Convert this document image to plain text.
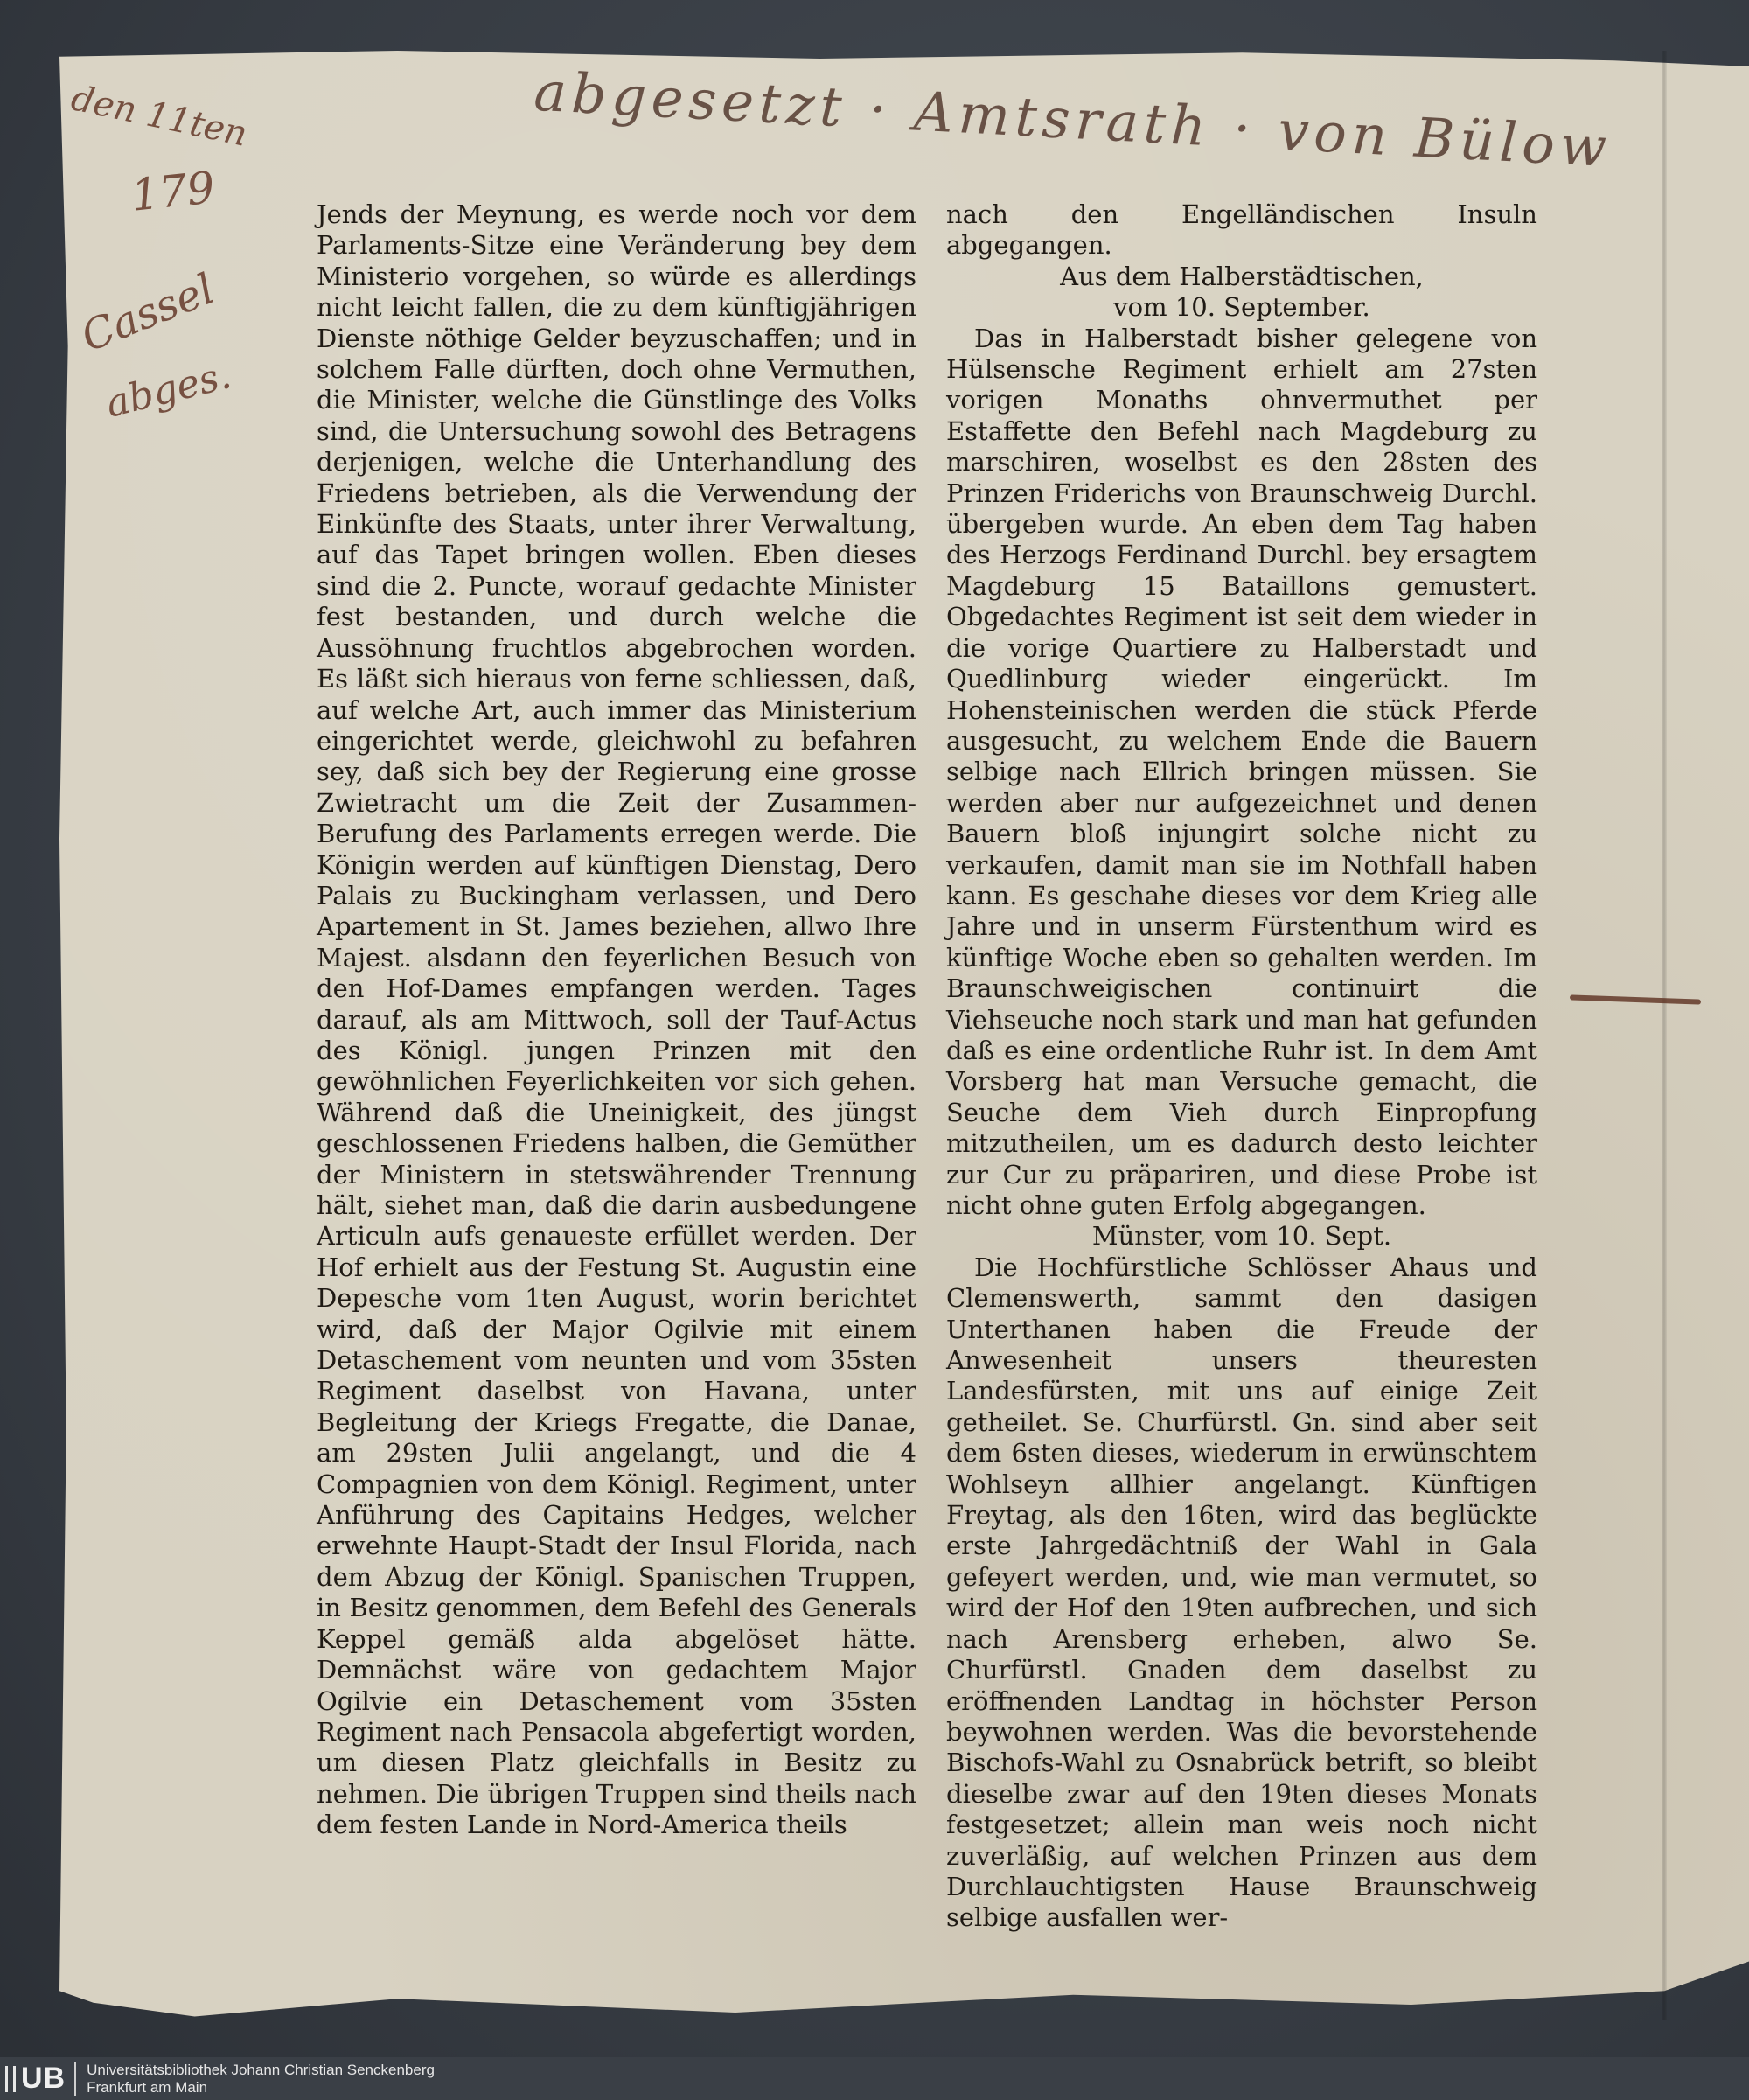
abgesetzt · Amtsrath · von Bülow
den 11ten
179
Cassel
abges.

Jends der Meynung, es werde noch vor dem Parlaments-Sitze eine Veränderung bey dem Ministerio vorgehen, so würde es allerdings nicht leicht fallen, die zu dem künftigjährigen Dienste nöthige Gelder beyzuschaffen; und in solchem Falle dürften, doch ohne Vermuthen, die Minister, welche die Günstlinge des Volks sind, die Untersuchung sowohl des Betragens derjenigen, welche die Unterhandlung des Friedens betrieben, als die Verwendung der Einkünfte des Staats, unter ihrer Verwaltung, auf das Tapet bringen wollen. Eben dieses sind die 2. Puncte, worauf gedachte Minister fest bestanden, und durch welche die Aussöhnung fruchtlos abgebrochen worden. Es läßt sich hieraus von ferne schliessen, daß, auf welche Art, auch immer das Ministerium eingerichtet werde, gleichwohl zu befahren sey, daß sich bey der Regierung eine grosse Zwietracht um die Zeit der Zusammen-Berufung des Parlaments erregen werde. Die Königin werden auf künftigen Dienstag, Dero Palais zu Buckingham verlassen, und Dero Apartement in St. James beziehen, allwo Ihre Majest. alsdann den feyerlichen Besuch von den Hof-Dames empfangen werden. Tages darauf, als am Mittwoch, soll der Tauf-Actus des Königl. jungen Prinzen mit den gewöhnlichen Feyerlichkeiten vor sich gehen. Während daß die Uneinigkeit, des jüngst geschlossenen Friedens halben, die Gemüther der Ministern in stetswährender Trennung hält, siehet man, daß die darin ausbedungene Articuln aufs genaueste erfüllet werden. Der Hof erhielt aus der Festung St. Augustin eine Depesche vom 1ten August, worin berichtet wird, daß der Major Ogilvie mit einem Detaschement vom neunten und vom 35sten Regiment daselbst von Havana, unter Begleitung der Kriegs Fregatte, die Danae, am 29sten Julii angelangt, und die 4 Compagnien von dem Königl. Regiment, unter Anführung des Capitains Hedges, welcher erwehnte Haupt-Stadt der Insul Florida, nach dem Abzug der Königl. Spanischen Truppen, in Besitz genommen, dem Befehl des Generals Keppel gemäß alda abgelöset hätte. Demnächst wäre von gedachtem Major Ogilvie ein Detaschement vom 35sten Regiment nach Pensacola abgefertigt worden, um diesen Platz gleichfalls in Besitz zu nehmen. Die übrigen Truppen sind theils nach dem festen Lande in Nord-America theils

nach den Engelländischen Insuln abgegangen.

Aus dem Halberstädtischen,

vom 10. September.

Das in Halberstadt bisher gelegene von Hülsensche Regiment erhielt am 27sten vorigen Monaths ohnvermuthet per Estaffette den Befehl nach Magdeburg zu marschiren, woselbst es den 28sten des Prinzen Friderichs von Braunschweig Durchl. übergeben wurde. An eben dem Tag haben des Herzogs Ferdinand Durchl. bey ersagtem Magdeburg 15 Bataillons gemustert. Obgedachtes Regiment ist seit dem wieder in die vorige Quartiere zu Halberstadt und Quedlinburg wieder eingerückt. Im Hohensteinischen werden die stück Pferde ausgesucht, zu welchem Ende die Bauern selbige nach Ellrich bringen müssen. Sie werden aber nur aufgezeichnet und denen Bauern bloß injungirt solche nicht zu verkaufen, damit man sie im Nothfall haben kann. Es geschahe dieses vor dem Krieg alle Jahre und in unserm Fürstenthum wird es künftige Woche eben so gehalten werden. Im Braunschweigischen continuirt die Viehseuche noch stark und man hat gefunden daß es eine ordentliche Ruhr ist. In dem Amt Vorsberg hat man Versuche gemacht, die Seuche dem Vieh durch Einpropfung mitzutheilen, um es dadurch desto leichter zur Cur zu präpariren, und diese Probe ist nicht ohne guten Erfolg abgegangen.

Münster, vom 10. Sept.

Die Hochfürstliche Schlösser Ahaus und Clemenswerth, sammt den dasigen Unterthanen haben die Freude der Anwesenheit unsers theuresten Landesfürsten, mit uns auf einige Zeit getheilet. Se. Churfürstl. Gn. sind aber seit dem 6sten dieses, wiederum in erwünschtem Wohlseyn allhier angelangt. Künftigen Freytag, als den 16ten, wird das beglückte erste Jahrgedächtniß der Wahl in Gala gefeyert werden, und, wie man vermutet, so wird der Hof den 19ten aufbrechen, und sich nach Arensberg erheben, alwo Se. Churfürstl. Gnaden dem daselbst zu eröffnenden Landtag in höchster Person beywohnen werden. Was die bevorstehende Bischofs-Wahl zu Osnabrück betrift, so bleibt dieselbe zwar auf den 19ten dieses Monats festgesetzet; allein man weis noch nicht zuverläßig, auf welchen Prinzen aus dem Durchlauchtigsten Hause Braunschweig selbige ausfallen wer-

UB	Universitätsbibliothek Johann Christian Senckenberg
Frankfurt am Main
